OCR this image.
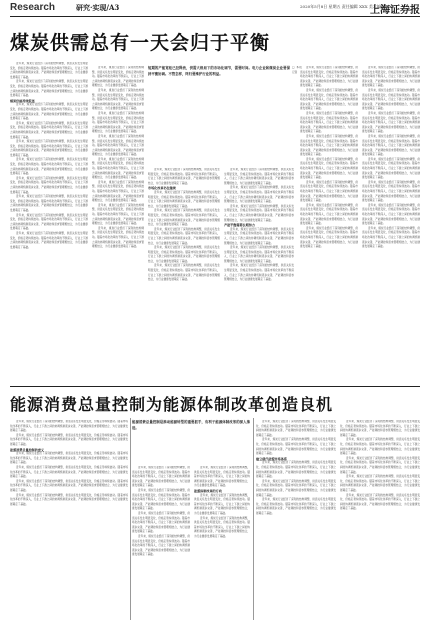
Research	研究·实现/A3	2020年5月8日 星期五 责任编辑 XXX 美术编辑 XXX
上海证券报
煤炭供需总有一天会归于平衡

近年来，煤炭行业经历了深刻的结构调整，供需关系发生明显变化，价格走势持续波动。随着市场化改革的不断深入，行业上下游之间的协调机制逐步完善，产能调控和需求管理相结合，为行业健康发展奠定了基础。

近年来，煤炭行业经历了深刻的结构调整，供需关系发生明显变化，价格走势持续波动。随着市场化改革的不断深入，行业上下游之间的协调机制逐步完善，产能调控和需求管理相结合，为行业健康发展奠定了基础。

煤炭价格持续低迷

近年来，煤炭行业经历了深刻的结构调整，供需关系发生明显变化，价格走势持续波动。随着市场化改革的不断深入，行业上下游之间的协调机制逐步完善，产能调控和需求管理相结合，为行业健康发展奠定了基础。

近年来，煤炭行业经历了深刻的结构调整，供需关系发生明显变化，价格走势持续波动。随着市场化改革的不断深入，行业上下游之间的协调机制逐步完善，产能调控和需求管理相结合，为行业健康发展奠定了基础。

近年来，煤炭行业经历了深刻的结构调整，供需关系发生明显变化，价格走势持续波动。随着市场化改革的不断深入，行业上下游之间的协调机制逐步完善，产能调控和需求管理相结合，为行业健康发展奠定了基础。

近年来，煤炭行业经历了深刻的结构调整，供需关系发生明显变化，价格走势持续波动。随着市场化改革的不断深入，行业上下游之间的协调机制逐步完善，产能调控和需求管理相结合，为行业健康发展奠定了基础。

近年来，煤炭行业经历了深刻的结构调整，供需关系发生明显变化，价格走势持续波动。随着市场化改革的不断深入，行业上下游之间的协调机制逐步完善，产能调控和需求管理相结合，为行业健康发展奠定了基础。

近年来，煤炭行业经历了深刻的结构调整，供需关系发生明显变化，价格走势持续波动。随着市场化改革的不断深入，行业上下游之间的协调机制逐步完善，产能调控和需求管理相结合，为行业健康发展奠定了基础。

近年来，煤炭行业经历了深刻的结构调整，供需关系发生明显变化，价格走势持续波动。随着市场化改革的不断深入，行业上下游之间的协调机制逐步完善，产能调控和需求管理相结合，为行业健康发展奠定了基础。

近年来，煤炭行业经历了深刻的结构调整，供需关系发生明显变化，价格走势持续波动。随着市场化改革的不断深入，行业上下游之间的协调机制逐步完善，产能调控和需求管理相结合，为行业健康发展奠定了基础。

短期的产能宽松已经释放，供需大格局下的市场化调节，需要时间。电力企业和煤炭企业要保持平衡协调。不管怎样，终归要维护行业的利益。
□ 本报记者

近年来，煤炭行业经历了深刻的结构调整，供需关系发生明显变化，价格走势持续波动。随着市场化改革的不断深入，行业上下游之间的协调机制逐步完善，产能调控和需求管理相结合，为行业健康发展奠定了基础。

近年来，煤炭行业经历了深刻的结构调整，供需关系发生明显变化，价格走势持续波动。随着市场化改革的不断深入，行业上下游之间的协调机制逐步完善，产能调控和需求管理相结合，为行业健康发展奠定了基础。

近年来，煤炭行业经历了深刻的结构调整，供需关系发生明显变化，价格走势持续波动。随着市场化改革的不断深入，行业上下游之间的协调机制逐步完善，产能调控和需求管理相结合，为行业健康发展奠定了基础。

近年来，煤炭行业经历了深刻的结构调整，供需关系发生明显变化，价格走势持续波动。随着市场化改革的不断深入，行业上下游之间的协调机制逐步完善，产能调控和需求管理相结合，为行业健康发展奠定了基础。

近年来，煤炭行业经历了深刻的结构调整，供需关系发生明显变化，价格走势持续波动。随着市场化改革的不断深入，行业上下游之间的协调机制逐步完善，产能调控和需求管理相结合，为行业健康发展奠定了基础。

近年来，煤炭行业经历了深刻的结构调整，供需关系发生明显变化，价格走势持续波动。随着市场化改革的不断深入，行业上下游之间的协调机制逐步完善，产能调控和需求管理相结合，为行业健康发展奠定了基础。

近年来，煤炭行业经历了深刻的结构调整，供需关系发生明显变化，价格走势持续波动。随着市场化改革的不断深入，行业上下游之间的协调机制逐步完善，产能调控和需求管理相结合，为行业健康发展奠定了基础。

近年来，煤炭行业经历了深刻的结构调整，供需关系发生明显变化，价格走势持续波动。随着市场化改革的不断深入，行业上下游之间的协调机制逐步完善，产能调控和需求管理相结合，为行业健康发展奠定了基础。

近年来，煤炭行业经历了深刻的结构调整，供需关系发生明显变化，价格走势持续波动。随着市场化改革的不断深入，行业上下游之间的协调机制逐步完善，产能调控和需求管理相结合，为行业健康发展奠定了基础。

市场化改革仍在继续

近年来，煤炭行业经历了深刻的结构调整，供需关系发生明显变化，价格走势持续波动。随着市场化改革的不断深入，行业上下游之间的协调机制逐步完善，产能调控和需求管理相结合，为行业健康发展奠定了基础。

近年来，煤炭行业经历了深刻的结构调整，供需关系发生明显变化，价格走势持续波动。随着市场化改革的不断深入，行业上下游之间的协调机制逐步完善，产能调控和需求管理相结合，为行业健康发展奠定了基础。

近年来，煤炭行业经历了深刻的结构调整，供需关系发生明显变化，价格走势持续波动。随着市场化改革的不断深入，行业上下游之间的协调机制逐步完善，产能调控和需求管理相结合，为行业健康发展奠定了基础。

近年来，煤炭行业经历了深刻的结构调整，供需关系发生明显变化，价格走势持续波动。随着市场化改革的不断深入，行业上下游之间的协调机制逐步完善，产能调控和需求管理相结合，为行业健康发展奠定了基础。

近年来，煤炭行业经历了深刻的结构调整，供需关系发生明显变化，价格走势持续波动。随着市场化改革的不断深入，行业上下游之间的协调机制逐步完善，产能调控和需求管理相结合，为行业健康发展奠定了基础。

近年来，煤炭行业经历了深刻的结构调整，供需关系发生明显变化，价格走势持续波动。随着市场化改革的不断深入，行业上下游之间的协调机制逐步完善，产能调控和需求管理相结合，为行业健康发展奠定了基础。

近年来，煤炭行业经历了深刻的结构调整，供需关系发生明显变化，价格走势持续波动。随着市场化改革的不断深入，行业上下游之间的协调机制逐步完善，产能调控和需求管理相结合，为行业健康发展奠定了基础。

近年来，煤炭行业经历了深刻的结构调整，供需关系发生明显变化，价格走势持续波动。随着市场化改革的不断深入，行业上下游之间的协调机制逐步完善，产能调控和需求管理相结合，为行业健康发展奠定了基础。

产能平衡需要长期努力

近年来，煤炭行业经历了深刻的结构调整，供需关系发生明显变化，价格走势持续波动。随着市场化改革的不断深入，行业上下游之间的协调机制逐步完善，产能调控和需求管理相结合，为行业健康发展奠定了基础。

近年来，煤炭行业经历了深刻的结构调整，供需关系发生明显变化，价格走势持续波动。随着市场化改革的不断深入，行业上下游之间的协调机制逐步完善，产能调控和需求管理相结合，为行业健康发展奠定了基础。

近年来，煤炭行业经历了深刻的结构调整，供需关系发生明显变化，价格走势持续波动。随着市场化改革的不断深入，行业上下游之间的协调机制逐步完善，产能调控和需求管理相结合，为行业健康发展奠定了基础。

近年来，煤炭行业经历了深刻的结构调整，供需关系发生明显变化，价格走势持续波动。随着市场化改革的不断深入，行业上下游之间的协调机制逐步完善，产能调控和需求管理相结合，为行业健康发展奠定了基础。

近年来，煤炭行业经历了深刻的结构调整，供需关系发生明显变化，价格走势持续波动。随着市场化改革的不断深入，行业上下游之间的协调机制逐步完善，产能调控和需求管理相结合，为行业健康发展奠定了基础。

近年来，煤炭行业经历了深刻的结构调整，供需关系发生明显变化，价格走势持续波动。随着市场化改革的不断深入，行业上下游之间的协调机制逐步完善，产能调控和需求管理相结合，为行业健康发展奠定了基础。

近年来，煤炭行业经历了深刻的结构调整，供需关系发生明显变化，价格走势持续波动。随着市场化改革的不断深入，行业上下游之间的协调机制逐步完善，产能调控和需求管理相结合，为行业健康发展奠定了基础。

近年来，煤炭行业经历了深刻的结构调整，供需关系发生明显变化，价格走势持续波动。随着市场化改革的不断深入，行业上下游之间的协调机制逐步完善，产能调控和需求管理相结合，为行业健康发展奠定了基础。

近年来，煤炭行业经历了深刻的结构调整，供需关系发生明显变化，价格走势持续波动。随着市场化改革的不断深入，行业上下游之间的协调机制逐步完善，产能调控和需求管理相结合，为行业健康发展奠定了基础。

近年来，煤炭行业经历了深刻的结构调整，供需关系发生明显变化，价格走势持续波动。随着市场化改革的不断深入，行业上下游之间的协调机制逐步完善，产能调控和需求管理相结合，为行业健康发展奠定了基础。

近年来，煤炭行业经历了深刻的结构调整，供需关系发生明显变化，价格走势持续波动。随着市场化改革的不断深入，行业上下游之间的协调机制逐步完善，产能调控和需求管理相结合，为行业健康发展奠定了基础。

近年来，煤炭行业经历了深刻的结构调整，供需关系发生明显变化，价格走势持续波动。随着市场化改革的不断深入，行业上下游之间的协调机制逐步完善，产能调控和需求管理相结合，为行业健康发展奠定了基础。

近年来，煤炭行业经历了深刻的结构调整，供需关系发生明显变化，价格走势持续波动。随着市场化改革的不断深入，行业上下游之间的协调机制逐步完善，产能调控和需求管理相结合，为行业健康发展奠定了基础。

近年来，煤炭行业经历了深刻的结构调整，供需关系发生明显变化，价格走势持续波动。随着市场化改革的不断深入，行业上下游之间的协调机制逐步完善，产能调控和需求管理相结合，为行业健康发展奠定了基础。

近年来，煤炭行业经历了深刻的结构调整，供需关系发生明显变化，价格走势持续波动。随着市场化改革的不断深入，行业上下游之间的协调机制逐步完善，产能调控和需求管理相结合，为行业健康发展奠定了基础。

近年来，煤炭行业经历了深刻的结构调整，供需关系发生明显变化，价格走势持续波动。随着市场化改革的不断深入，行业上下游之间的协调机制逐步完善，产能调控和需求管理相结合，为行业健康发展奠定了基础。

近年来，煤炭行业经历了深刻的结构调整，供需关系发生明显变化，价格走势持续波动。随着市场化改革的不断深入，行业上下游之间的协调机制逐步完善，产能调控和需求管理相结合，为行业健康发展奠定了基础。

近年来，煤炭行业经历了深刻的结构调整，供需关系发生明显变化，价格走势持续波动。随着市场化改革的不断深入，行业上下游之间的协调机制逐步完善，产能调控和需求管理相结合，为行业健康发展奠定了基础。

近年来，煤炭行业经历了深刻的结构调整，供需关系发生明显变化，价格走势持续波动。随着市场化改革的不断深入，行业上下游之间的协调机制逐步完善，产能调控和需求管理相结合，为行业健康发展奠定了基础。

能源消费总量控制为能源体制改革创造良机

近年来，煤炭行业经历了深刻的结构调整，供需关系发生明显变化，价格走势持续波动。随着市场化改革的不断深入，行业上下游之间的协调机制逐步完善，产能调控和需求管理相结合，为行业健康发展奠定了基础。

近年来，煤炭行业经历了深刻的结构调整，供需关系发生明显变化，价格走势持续波动。随着市场化改革的不断深入，行业上下游之间的协调机制逐步完善，产能调控和需求管理相结合，为行业健康发展奠定了基础。

能源消费总量控制的意义

近年来，煤炭行业经历了深刻的结构调整，供需关系发生明显变化，价格走势持续波动。随着市场化改革的不断深入，行业上下游之间的协调机制逐步完善，产能调控和需求管理相结合，为行业健康发展奠定了基础。

近年来，煤炭行业经历了深刻的结构调整，供需关系发生明显变化，价格走势持续波动。随着市场化改革的不断深入，行业上下游之间的协调机制逐步完善，产能调控和需求管理相结合，为行业健康发展奠定了基础。

近年来，煤炭行业经历了深刻的结构调整，供需关系发生明显变化，价格走势持续波动。随着市场化改革的不断深入，行业上下游之间的协调机制逐步完善，产能调控和需求管理相结合，为行业健康发展奠定了基础。

近年来，煤炭行业经历了深刻的结构调整，供需关系发生明显变化，价格走势持续波动。随着市场化改革的不断深入，行业上下游之间的协调机制逐步完善，产能调控和需求管理相结合，为行业健康发展奠定了基础。

能源消费总量控制是推动能源转型的重要抓手，有利于能源体制改革的深入推进。

近年来，煤炭行业经历了深刻的结构调整，供需关系发生明显变化，价格走势持续波动。随着市场化改革的不断深入，行业上下游之间的协调机制逐步完善，产能调控和需求管理相结合，为行业健康发展奠定了基础。

近年来，煤炭行业经历了深刻的结构调整，供需关系发生明显变化，价格走势持续波动。随着市场化改革的不断深入，行业上下游之间的协调机制逐步完善，产能调控和需求管理相结合，为行业健康发展奠定了基础。

近年来，煤炭行业经历了深刻的结构调整，供需关系发生明显变化，价格走势持续波动。随着市场化改革的不断深入，行业上下游之间的协调机制逐步完善，产能调控和需求管理相结合，为行业健康发展奠定了基础。

近年来，煤炭行业经历了深刻的结构调整，供需关系发生明显变化，价格走势持续波动。随着市场化改革的不断深入，行业上下游之间的协调机制逐步完善，产能调控和需求管理相结合，为行业健康发展奠定了基础。

近年来，煤炭行业经历了深刻的结构调整，供需关系发生明显变化，价格走势持续波动。随着市场化改革的不断深入，行业上下游之间的协调机制逐步完善，产能调控和需求管理相结合，为行业健康发展奠定了基础。

能源体制改革的方向

近年来，煤炭行业经历了深刻的结构调整，供需关系发生明显变化，价格走势持续波动。随着市场化改革的不断深入，行业上下游之间的协调机制逐步完善，产能调控和需求管理相结合，为行业健康发展奠定了基础。

近年来，煤炭行业经历了深刻的结构调整，供需关系发生明显变化，价格走势持续波动。随着市场化改革的不断深入，行业上下游之间的协调机制逐步完善，产能调控和需求管理相结合，为行业健康发展奠定了基础。

近年来，煤炭行业经历了深刻的结构调整，供需关系发生明显变化，价格走势持续波动。随着市场化改革的不断深入，行业上下游之间的协调机制逐步完善，产能调控和需求管理相结合，为行业健康发展奠定了基础。

近年来，煤炭行业经历了深刻的结构调整，供需关系发生明显变化，价格走势持续波动。随着市场化改革的不断深入，行业上下游之间的协调机制逐步完善，产能调控和需求管理相结合，为行业健康发展奠定了基础。

建立现代能源市场体系

近年来，煤炭行业经历了深刻的结构调整，供需关系发生明显变化，价格走势持续波动。随着市场化改革的不断深入，行业上下游之间的协调机制逐步完善，产能调控和需求管理相结合，为行业健康发展奠定了基础。

近年来，煤炭行业经历了深刻的结构调整，供需关系发生明显变化，价格走势持续波动。随着市场化改革的不断深入，行业上下游之间的协调机制逐步完善，产能调控和需求管理相结合，为行业健康发展奠定了基础。

近年来，煤炭行业经历了深刻的结构调整，供需关系发生明显变化，价格走势持续波动。随着市场化改革的不断深入，行业上下游之间的协调机制逐步完善，产能调控和需求管理相结合，为行业健康发展奠定了基础。

近年来，煤炭行业经历了深刻的结构调整，供需关系发生明显变化，价格走势持续波动。随着市场化改革的不断深入，行业上下游之间的协调机制逐步完善，产能调控和需求管理相结合，为行业健康发展奠定了基础。

近年来，煤炭行业经历了深刻的结构调整，供需关系发生明显变化，价格走势持续波动。随着市场化改革的不断深入，行业上下游之间的协调机制逐步完善，产能调控和需求管理相结合，为行业健康发展奠定了基础。

近年来，煤炭行业经历了深刻的结构调整，供需关系发生明显变化，价格走势持续波动。随着市场化改革的不断深入，行业上下游之间的协调机制逐步完善，产能调控和需求管理相结合，为行业健康发展奠定了基础。

近年来，煤炭行业经历了深刻的结构调整，供需关系发生明显变化，价格走势持续波动。随着市场化改革的不断深入，行业上下游之间的协调机制逐步完善，产能调控和需求管理相结合，为行业健康发展奠定了基础。

近年来，煤炭行业经历了深刻的结构调整，供需关系发生明显变化，价格走势持续波动。随着市场化改革的不断深入，行业上下游之间的协调机制逐步完善，产能调控和需求管理相结合，为行业健康发展奠定了基础。
